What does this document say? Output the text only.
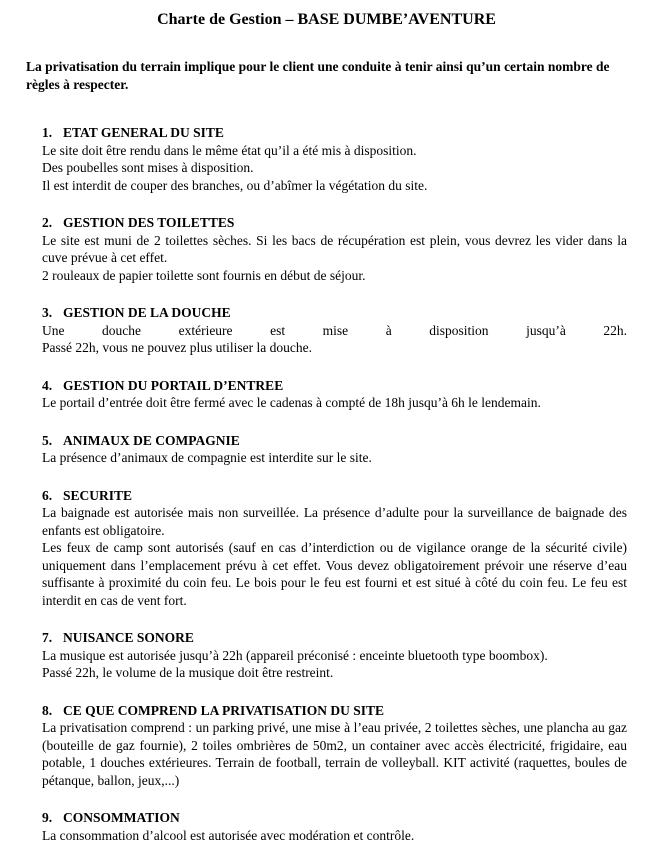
Charte de Gestion – BASE DUMBE’AVENTURE

La privatisation du terrain implique pour le client une conduite à tenir ainsi qu’un certain nombre de règles à respecter.

1. ETAT GENERAL DU SITE

Le site doit être rendu dans le même état qu’il a été mis à disposition.

Des poubelles sont mises à disposition.

Il est interdit de couper des branches, ou d’abîmer la végétation du site.

2. GESTION DES TOILETTES

Le site est muni de 2 toilettes sèches. Si les bacs de récupération est plein, vous devrez les vider dans la cuve prévue à cet effet.

2 rouleaux de papier toilette sont fournis en début de séjour.

3. GESTION DE LA DOUCHE

Une douche extérieure est mise à disposition jusqu’à 22h.

Passé 22h, vous ne pouvez plus utiliser la douche.

4. GESTION DU PORTAIL D’ENTREE

Le portail d’entrée doit être fermé avec le cadenas à compté de 18h jusqu’à 6h le lendemain.

5. ANIMAUX DE COMPAGNIE

La présence d’animaux de compagnie est interdite sur le site.

6. SECURITE

La baignade est autorisée mais non surveillée. La présence d’adulte pour la surveillance de baignade des enfants est obligatoire.

Les feux de camp sont autorisés (sauf en cas d’interdiction ou de vigilance orange de la sécurité civile) uniquement dans l’emplacement prévu à cet effet. Vous devez obligatoirement prévoir une réserve d’eau suffisante à proximité du coin feu. Le bois pour le feu est fourni et est situé à côté du coin feu. Le feu est interdit en cas de vent fort.

7. NUISANCE SONORE

La musique est autorisée jusqu’à 22h (appareil préconisé : enceinte bluetooth type boombox).

Passé 22h, le volume de la musique doit être restreint.

8. CE QUE COMPREND LA PRIVATISATION DU SITE

La privatisation comprend : un parking privé, une mise à l’eau privée, 2 toilettes sèches, une plancha au gaz (bouteille de gaz fournie), 2 toiles ombrières de 50m2, un container avec accès électricité, frigidaire, eau potable, 1 douches extérieures. Terrain de football, terrain de volleyball. KIT activité (raquettes, boules de pétanque, ballon, jeux,...)

9. CONSOMMATION

La consommation d’alcool est autorisée avec modération et contrôle.
